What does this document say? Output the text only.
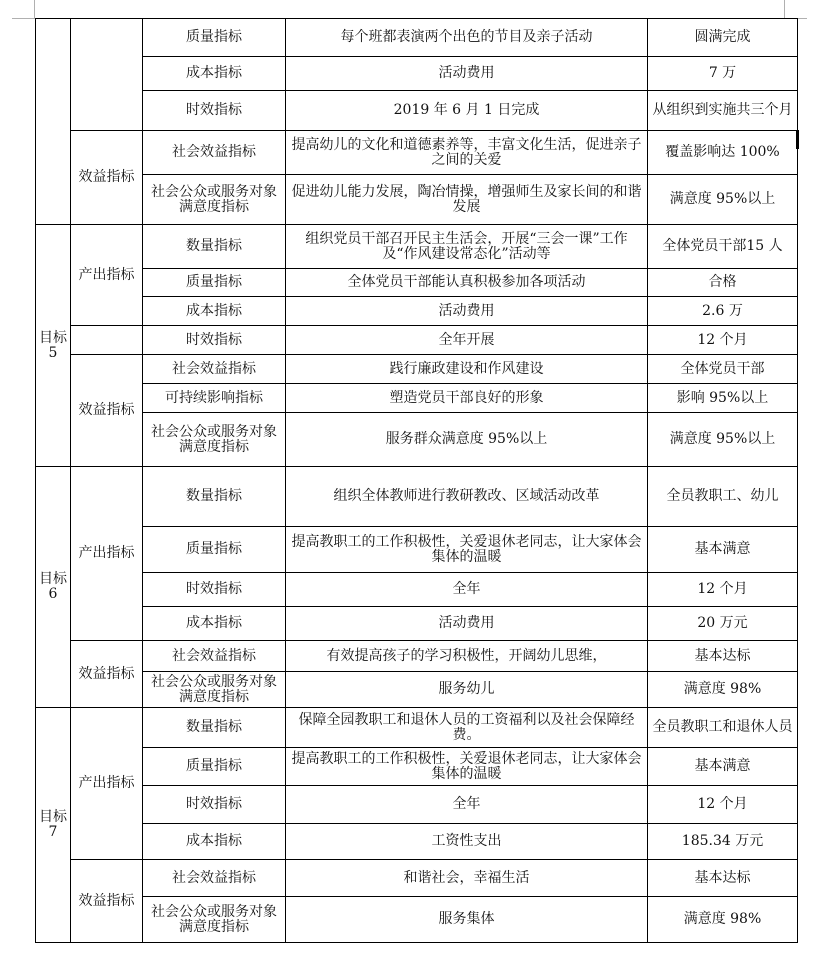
		质量指标	每个班都表演两个出色的节目及亲子活动	圆满完成
		成本指标	活动费用	7 万
		时效指标	2019 年 6 月 1 日完成	从组织到实施共三个月
	效益指标	社会效益指标	提高幼儿的文化和道德素养等，丰富文化生活，促进亲子之间的关爱	覆盖影响达 100%
		社会公众或服务对象满意度指标	促进幼儿能力发展，陶冶情操，增强师生及家长间的和谐发展	满意度 95%以上
目标5	产出指标	数量指标	组织党员干部召开民主生活会，开展“三会一课”工作及“作风建设常态化”活动等	全体党员干部15 人
		质量指标	全体党员干部能认真积极参加各项活动	合格
		成本指标	活动费用	2.6 万
		时效指标	全年开展	12 个月
	效益指标	社会效益指标	践行廉政建设和作风建设	全体党员干部
		可持续影响指标	塑造党员干部良好的形象	影响 95%以上
		社会公众或服务对象满意度指标	服务群众满意度 95%以上	满意度 95%以上
目标6	产出指标	数量指标	组织全体教师进行教研教改、区域活动改革	全员教职工、幼儿
		质量指标	提高教职工的工作积极性，关爱退休老同志，让大家体会集体的温暖	基本满意
		时效指标	全年	12 个月
		成本指标	活动费用	20 万元
	效益指标	社会效益指标	有效提高孩子的学习积极性，开阔幼儿思维，	基本达标
		社会公众或服务对象满意度指标	服务幼儿	满意度 98%
目标7	产出指标	数量指标	保障全园教职工和退休人员的工资福利以及社会保障经费。	全员教职工和退休人员
		质量指标	提高教职工的工作积极性，关爱退休老同志，让大家体会集体的温暖	基本满意
		时效指标	全年	12 个月
		成本指标	工资性支出	185.34 万元
	效益指标	社会效益指标	和谐社会，幸福生活	基本达标
		社会公众或服务对象满意度指标	服务集体	满意度 98%
